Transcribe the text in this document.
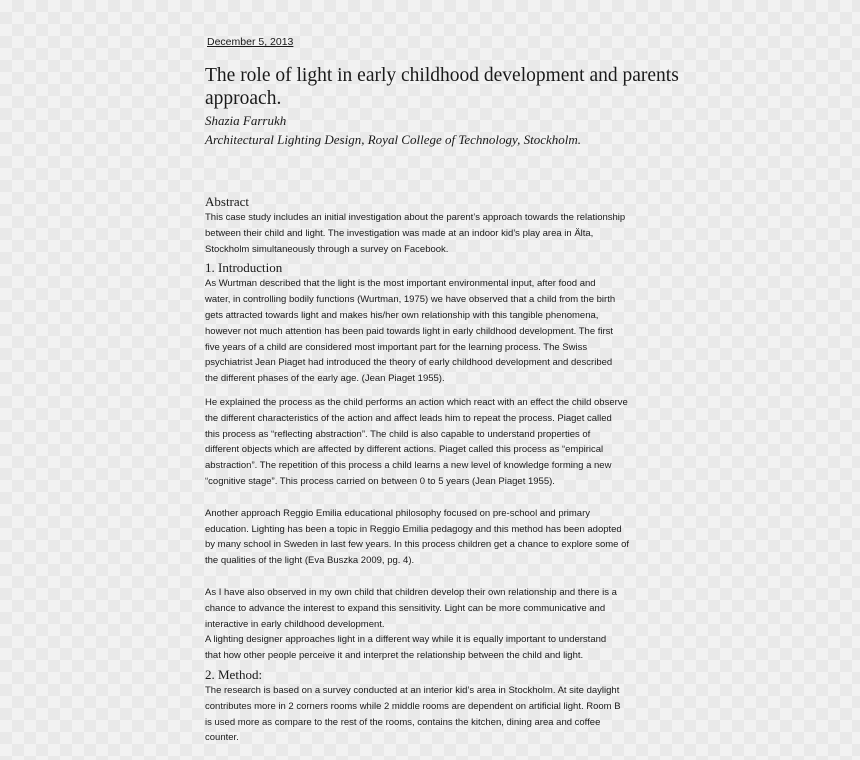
December 5, 2013
The role of light in early childhood development and parents
approach.

Shazia Farrukh

Architectural Lighting Design, Royal College of Technology, Stockholm.

Abstract

This case study includes an initial investigation about the parent’s approach towards the relationship
between their child and light. The investigation was made at an indoor kid’s play area in Älta,
Stockholm simultaneously through a survey on Facebook.

1. Introduction

As Wurtman described that the light is the most important environmental input, after food and
water, in controlling bodily functions (Wurtman, 1975) we have observed that a child from the birth
gets attracted towards light and makes his/her own relationship with this tangible phenomena,
however not much attention has been paid towards light in early childhood development. The first
five years of a child are considered most important part for the learning process. The Swiss
psychiatrist Jean Piaget had introduced the theory of early childhood development and described
the different phases of the early age. (Jean Piaget 1955).

He explained the process as the child performs an action which react with an effect the child observe
the different characteristics of the action and affect leads him to repeat the process. Piaget called
this process as “reflecting abstraction”. The child is also capable to understand properties of
different objects which are affected by different actions. Piaget called this process as “empirical
abstraction”. The repetition of this process a child learns a new level of knowledge forming a new
“cognitive stage”. This process carried on between 0 to 5 years (Jean Piaget 1955).

Another approach Reggio Emilia educational philosophy focused on pre-school and primary
education. Lighting has been a topic in Reggio Emilia pedagogy and this method has been adopted
by many school in Sweden in last few years. In this process children get a chance to explore some of
the qualities of the light (Eva Buszka 2009, pg. 4).

As I have also observed in my own child that children develop their own relationship and there is a
chance to advance the interest to expand this sensitivity. Light can be more communicative and
interactive in early childhood development.
A lighting designer approaches light in a different way while it is equally important to understand
that how other people perceive it and interpret the relationship between the child and light.

2. Method:

The research is based on a survey conducted at an interior kid’s area in Stockholm. At site daylight
contributes more in 2 corners rooms while 2 middle rooms are dependent on artificial light. Room B
is used more as compare to the rest of the rooms, contains the kitchen, dining area and coffee
counter.
